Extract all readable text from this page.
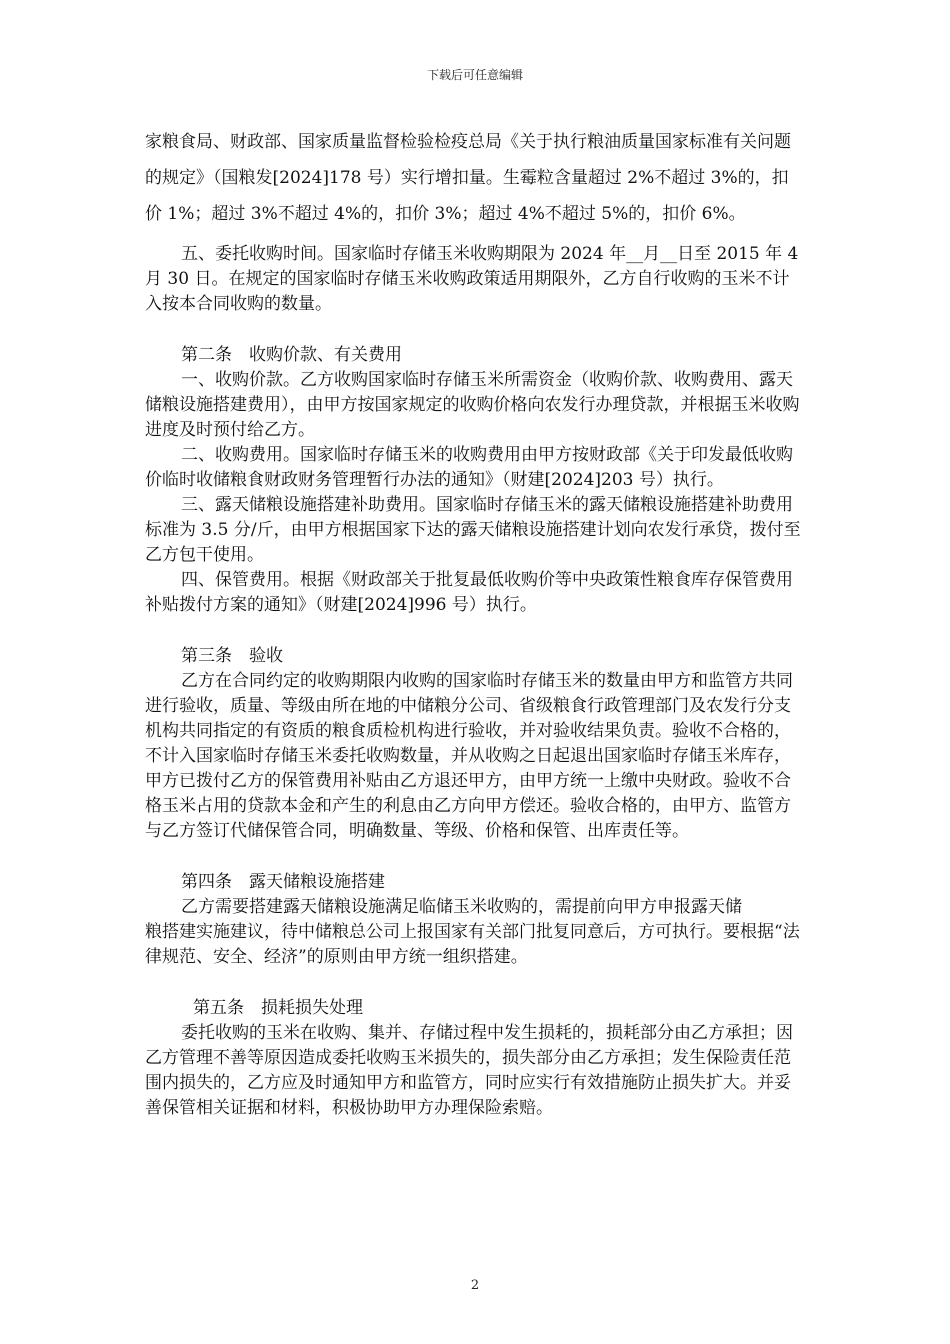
下载后可任意编辑

家粮食局、财政部、国家质量监督检验检疫总局《关于执行粮油质量国家标准有关问题的规定》（国粮发[2024]178 号）实行增扣量。生霉粒含量超过 2%不超过 3%的，扣价 1%；超过 3%不超过 4%的，扣价 3%；超过 4%不超过 5%的，扣价 6%。

五、委托收购时间。国家临时存储玉米收购期限为 2024 年__月__日至 2015 年 4 月 30 日。在规定的国家临时存储玉米收购政策适用期限外，乙方自行收购的玉米不计入按本合同收购的数量。

第二条　收购价款、有关费用

一、收购价款。乙方收购国家临时存储玉米所需资金（收购价款、收购费用、露天储粮设施搭建费用），由甲方按国家规定的收购价格向农发行办理贷款，并根据玉米收购进度及时预付给乙方。

二、收购费用。国家临时存储玉米的收购费用由甲方按财政部《关于印发最低收购价临时收储粮食财政财务管理暂行办法的通知》（财建[2024]203 号）执行。

三、露天储粮设施搭建补助费用。国家临时存储玉米的露天储粮设施搭建补助费用标准为 3.5 分/斤，由甲方根据国家下达的露天储粮设施搭建计划向农发行承贷，拨付至乙方包干使用。

四、保管费用。根据《财政部关于批复最低收购价等中央政策性粮食库存保管费用补贴拨付方案的通知》（财建[2024]996 号）执行。

第三条　验收

乙方在合同约定的收购期限内收购的国家临时存储玉米的数量由甲方和监管方共同进行验收，质量、等级由所在地的中储粮分公司、省级粮食行政管理部门及农发行分支机构共同指定的有资质的粮食质检机构进行验收，并对验收结果负责。验收不合格的，不计入国家临时存储玉米委托收购数量，并从收购之日起退出国家临时存储玉米库存，甲方已拨付乙方的保管费用补贴由乙方退还甲方，由甲方统一上缴中央财政。验收不合格玉米占用的贷款本金和产生的利息由乙方向甲方偿还。验收合格的，由甲方、监管方与乙方签订代储保管合同，明确数量、等级、价格和保管、出库责任等。

第四条　露天储粮设施搭建

乙方需要搭建露天储粮设施满足临储玉米收购的，需提前向甲方申报露天储

粮搭建实施建议，待中储粮总公司上报国家有关部门批复同意后，方可执行。要根据“法律规范、安全、经济”的原则由甲方统一组织搭建。

第五条　损耗损失处理

委托收购的玉米在收购、集并、存储过程中发生损耗的，损耗部分由乙方承担；因乙方管理不善等原因造成委托收购玉米损失的，损失部分由乙方承担；发生保险责任范围内损失的，乙方应及时通知甲方和监管方，同时应实行有效措施防止损失扩大。并妥善保管相关证据和材料，积极协助甲方办理保险索赔。

2
